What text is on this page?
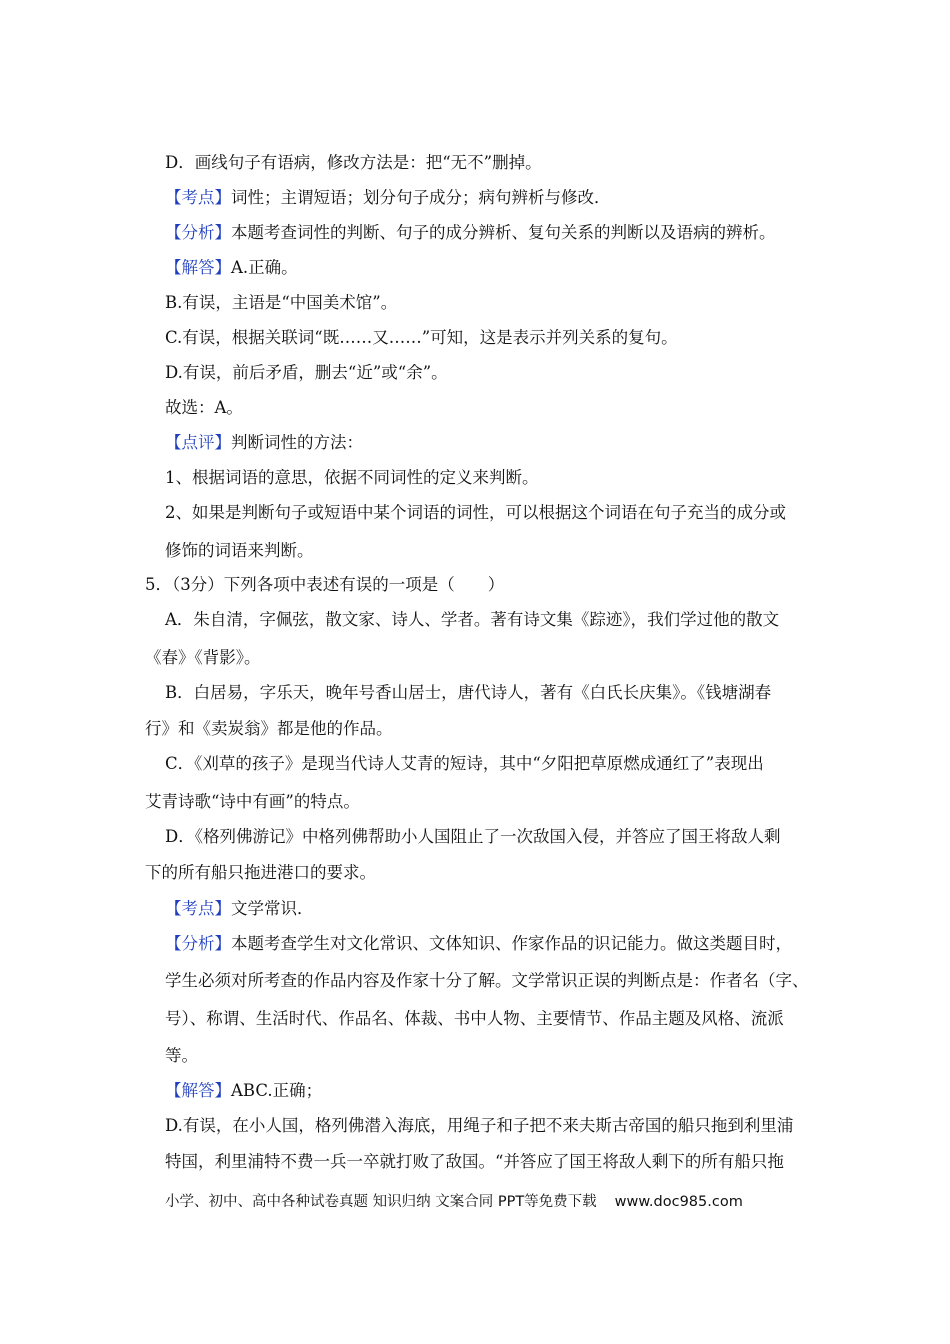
D．画线句子有语病，修改方法是：把“无不”删掉。
【考点】词性；主谓短语；划分句子成分；病句辨析与修改．
【分析】本题考查词性的判断、句子的成分辨析、复句关系的判断以及语病的辨析。
【解答】A.正确。
B.有误，主语是“中国美术馆”。
C.有误，根据关联词“既……又……”可知，这是表示并列关系的复句。
D.有误，前后矛盾，删去“近”或“余”。
故选：A。
【点评】判断词性的方法：
1、根据词语的意思，依据不同词性的定义来判断。
2、如果是判断句子或短语中某个词语的词性，可以根据这个词语在句子充当的成分或
修饰的词语来判断。
5．（3分）下列各项中表述有误的一项是（　　）
A．朱自清，字佩弦，散文家、诗人、学者。著有诗文集《踪迹》，我们学过他的散文
《春》《背影》。
B．白居易，字乐天，晚年号香山居士，唐代诗人，著有《白氏长庆集》。《钱塘湖春
行》和《卖炭翁》都是他的作品。
C．《刈草的孩子》是现当代诗人艾青的短诗，其中“夕阳把草原燃成通红了”表现出
艾青诗歌“诗中有画”的特点。
D．《格列佛游记》中格列佛帮助小人国阻止了一次敌国入侵，并答应了国王将敌人剩
下的所有船只拖进港口的要求。
【考点】文学常识．
【分析】本题考查学生对文化常识、文体知识、作家作品的识记能力。做这类题目时，
学生必须对所考查的作品内容及作家十分了解。文学常识正误的判断点是：作者名（字、
号）、称谓、生活时代、作品名、体裁、书中人物、主要情节、作品主题及风格、流派
等。
【解答】ABC.正确；
D.有误，在小人国，格列佛潜入海底，用绳子和子把不来夫斯古帝国的船只拖到利里浦
特国，利里浦特不费一兵一卒就打败了敌国。“并答应了国王将敌人剩下的所有船只拖
小学、初中、高中各种试卷真题 知识归纳 文案合同 PPT等免费下载 www.doc985.com
